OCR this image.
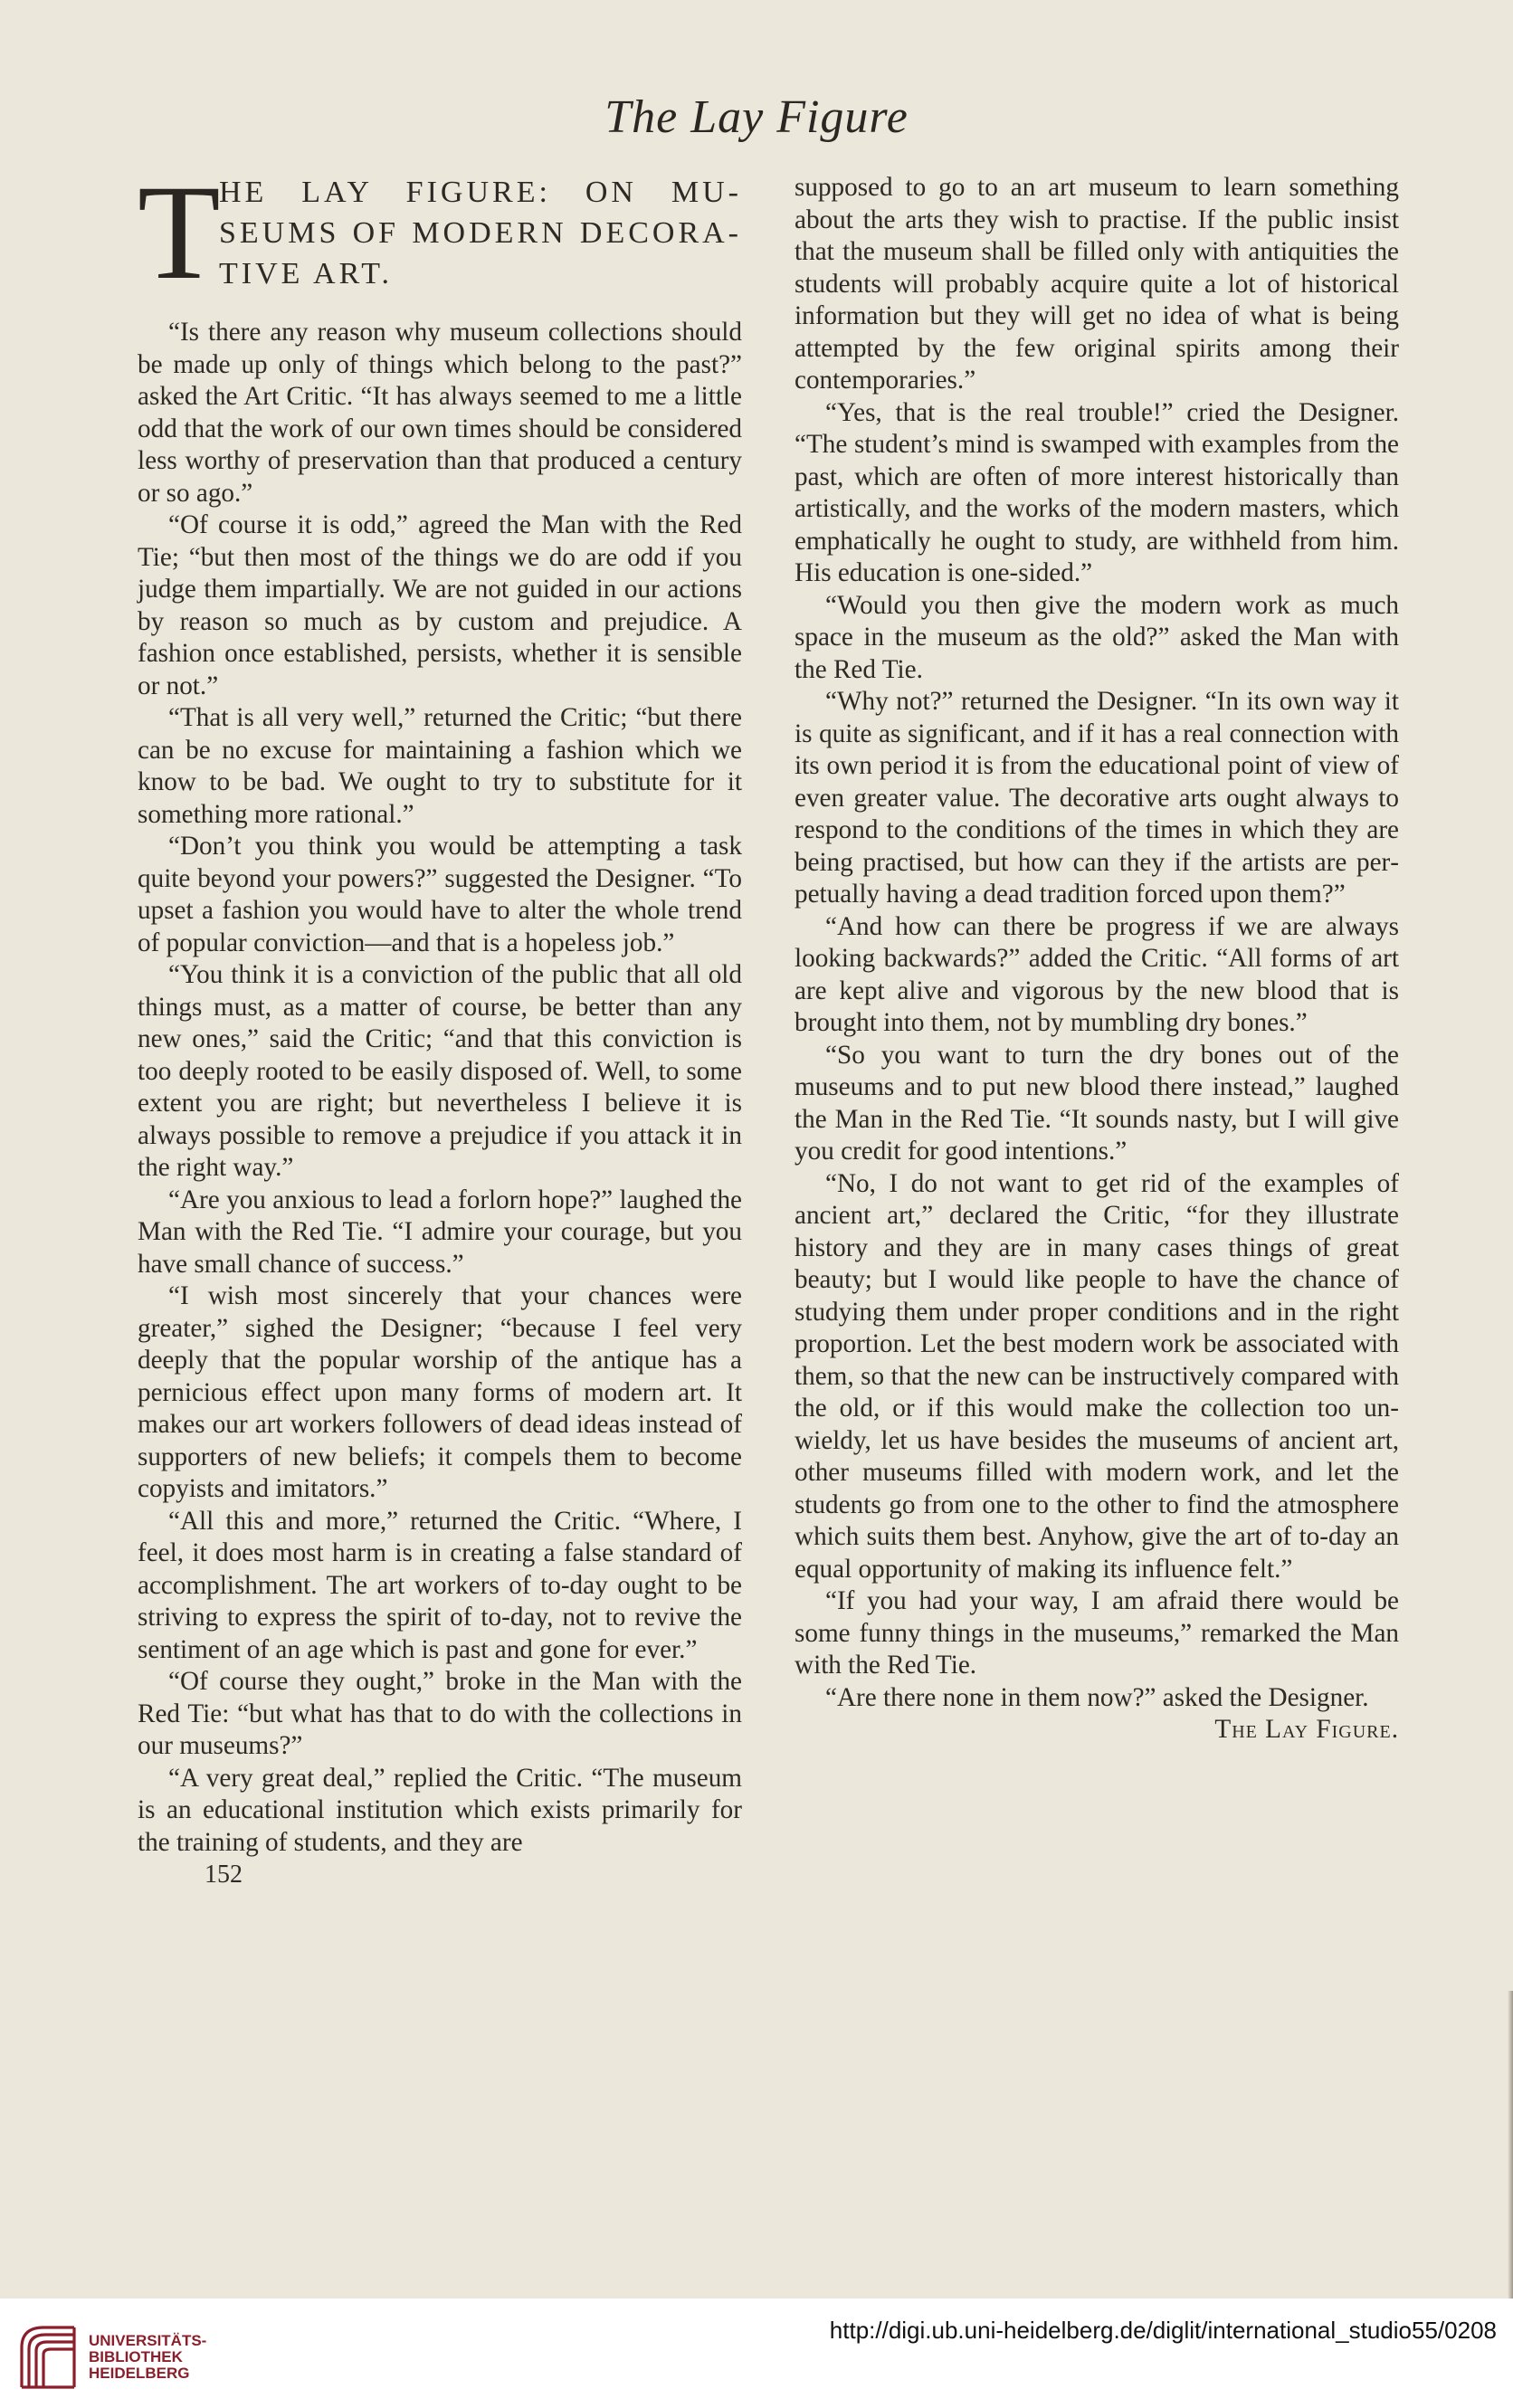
The Lay Figure
T
HE LAY FIGURE: ON MU- SEUMS OF MODERN DECORA- TIVE ART.

“Is there any reason why museum collections should be made up only of things which belong to the past?” asked the Art Critic. “It has always seemed to me a little odd that the work of our own times should be considered less worthy of preservation than that produced a century or so ago.”

“Of course it is odd,” agreed the Man with the Red Tie; “but then most of the things we do are odd if you judge them impartially. We are not guided in our actions by reason so much as by custom and prejudice. A fashion once established, persists, whether it is sensible or not.”

“That is all very well,” returned the Critic; “but there can be no excuse for maintaining a fashion which we know to be bad. We ought to try to substitute for it something more rational.”

“Don’t you think you would be attempting a task quite beyond your powers?” suggested the Designer. “To upset a fashion you would have to alter the whole trend of popular conviction—and that is a hopeless job.”

“You think it is a conviction of the public that all old things must, as a matter of course, be better than any new ones,” said the Critic; “and that this conviction is too deeply rooted to be easily disposed of. Well, to some extent you are right; but nevertheless I believe it is always possible to remove a prejudice if you attack it in the right way.”

“Are you anxious to lead a forlorn hope?” laughed the Man with the Red Tie. “I admire your courage, but you have small chance of success.”

“I wish most sincerely that your chances were greater,” sighed the Designer; “because I feel very deeply that the popular worship of the antique has a pernicious effect upon many forms of modern art. It makes our art workers followers of dead ideas instead of supporters of new beliefs; it compels them to become copyists and imitators.”

“All this and more,” returned the Critic. “Where, I feel, it does most harm is in creating a false standard of accomplishment. The art workers of to-day ought to be striving to express the spirit of to-day, not to revive the sentiment of an age which is past and gone for ever.”

“Of course they ought,” broke in the Man with the Red Tie: “but what has that to do with the collections in our museums?”

“A very great deal,” replied the Critic. “The museum is an educational institution which exists primarily for the training of students, and they are

152

supposed to go to an art museum to learn something about the arts they wish to practise. If the public insist that the museum shall be filled only with antiquities the students will probably acquire quite a lot of historical information but they will get no idea of what is being attempted by the few original spirits among their contemporaries.”

“Yes, that is the real trouble!” cried the Designer. “The student’s mind is swamped with examples from the past, which are often of more interest historically than artistically, and the works of the modern masters, which emphatically he ought to study, are withheld from him. His education is one-sided.”

“Would you then give the modern work as much space in the museum as the old?” asked the Man with the Red Tie.

“Why not?” returned the Designer. “In its own way it is quite as significant, and if it has a real connection with its own period it is from the educational point of view of even greater value. The decorative arts ought always to respond to the conditions of the times in which they are being practised, but how can they if the artists are perpetually having a dead tradition forced upon them?”

“And how can there be progress if we are always looking backwards?” added the Critic. “All forms of art are kept alive and vigorous by the new blood that is brought into them, not by mumbling dry bones.”

“So you want to turn the dry bones out of the museums and to put new blood there instead,” laughed the Man in the Red Tie. “It sounds nasty, but I will give you credit for good intentions.”

“No, I do not want to get rid of the examples of ancient art,” declared the Critic, “for they illustrate history and they are in many cases things of great beauty; but I would like people to have the chance of studying them under proper conditions and in the right proportion. Let the best modern work be associated with them, so that the new can be instructively compared with the old, or if this would make the collection too unwieldy, let us have besides the museums of ancient art, other museums filled with modern work, and let the students go from one to the other to find the atmosphere which suits them best. Anyhow, give the art of to-day an equal opportunity of making its influence felt.”

“If you had your way, I am afraid there would be some funny things in the museums,” remarked the Man with the Red Tie.

“Are there none in them now?” asked the Designer.
The Lay Figure.

UNIVERSITÄTS-
BIBLIOTHEK
HEIDELBERG
http://digi.ub.uni-heidelberg.de/diglit/international_studio55/0208
